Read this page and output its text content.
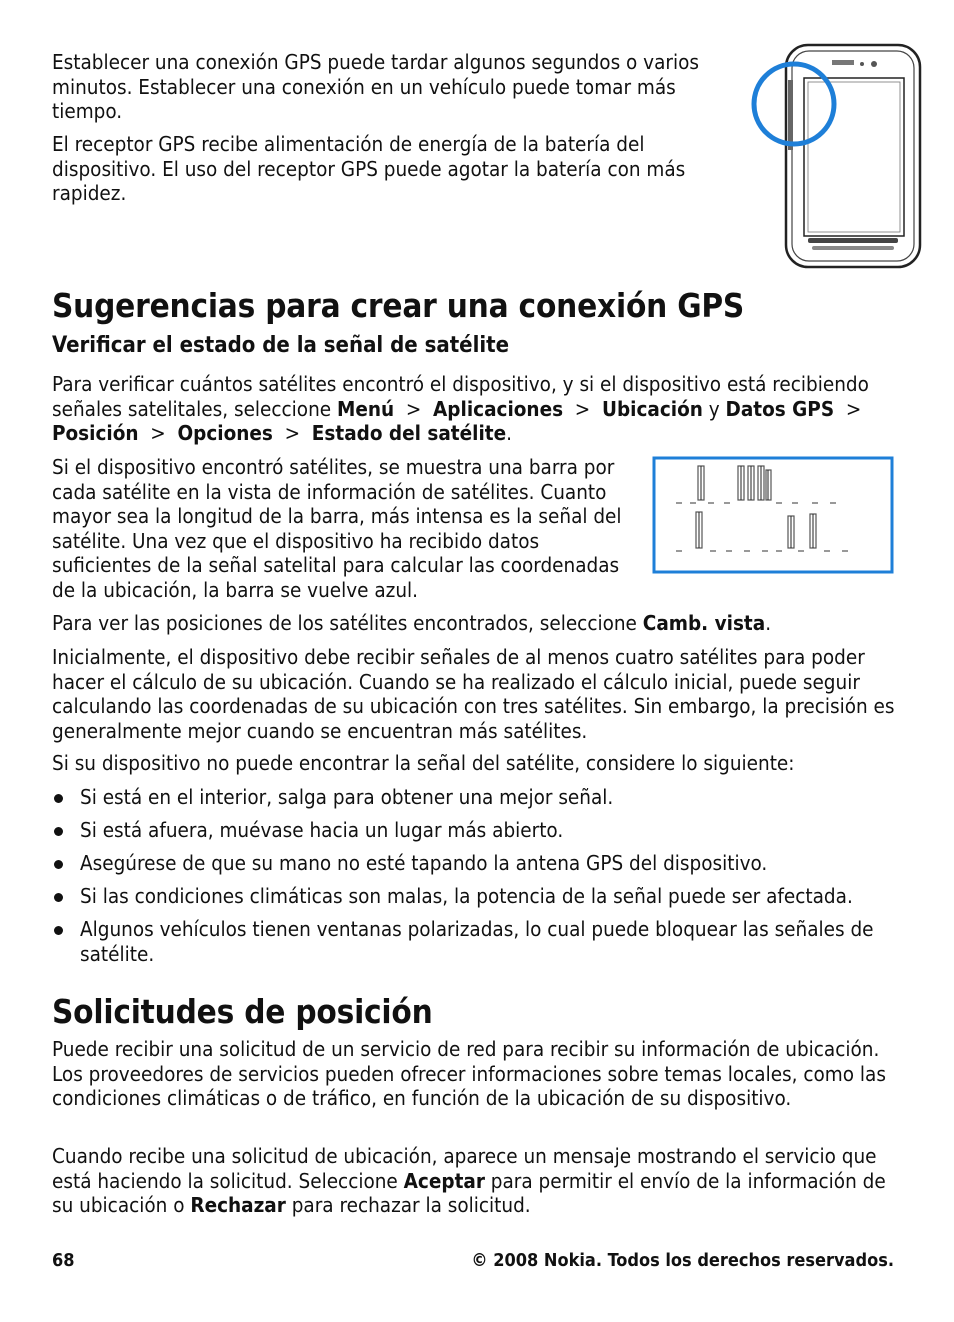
Establecer una conexión GPS puede tardar algunos segundos o varios minutos. Establecer una conexión en un vehículo puede tomar más tiempo.

El receptor GPS recibe alimentación de energía de la batería del dispositivo. El uso del receptor GPS puede agotar la batería con más rapidez.

Sugerencias para crear una conexión GPS
Verificar el estado de la señal de satélite

Para verificar cuántos satélites encontró el dispositivo, y si el dispositivo está recibiendo señales satelitales, seleccione Menú > Aplicaciones > Ubicación y Datos GPS >
Posición > Opciones > Estado del satélite.

Si el dispositivo encontró satélites, se muestra una barra por cada satélite en la vista de información de satélites. Cuanto mayor sea la longitud de la barra, más intensa es la señal del satélite. Una vez que el dispositivo ha recibido datos suficientes de la señal satelital para calcular las coordenadas de la ubicación, la barra se vuelve azul.

Para ver las posiciones de los satélites encontrados, seleccione Camb. vista.

Inicialmente, el dispositivo debe recibir señales de al menos cuatro satélites para poder hacer el cálculo de su ubicación. Cuando se ha realizado el cálculo inicial, puede seguir calculando las coordenadas de su ubicación con tres satélites. Sin embargo, la precisión es generalmente mejor cuando se encuentran más satélites.

Si su dispositivo no puede encontrar la señal del satélite, considere lo siguiente:

Si está en el interior, salga para obtener una mejor señal.
Si está afuera, muévase hacia un lugar más abierto.
Asegúrese de que su mano no esté tapando la antena GPS del dispositivo.
Si las condiciones climáticas son malas, la potencia de la señal puede ser afectada.
Algunos vehículos tienen ventanas polarizadas, lo cual puede bloquear las señales de satélite.
Solicitudes de posición

Puede recibir una solicitud de un servicio de red para recibir su información de ubicación. Los proveedores de servicios pueden ofrecer informaciones sobre temas locales, como las condiciones climáticas o de tráfico, en función de la ubicación de su dispositivo.

Cuando recibe una solicitud de ubicación, aparece un mensaje mostrando el servicio que está haciendo la solicitud. Seleccione Aceptar para permitir el envío de la información de su ubicación o Rechazar para rechazar la solicitud.

68	© 2008 Nokia. Todos los derechos reservados.
